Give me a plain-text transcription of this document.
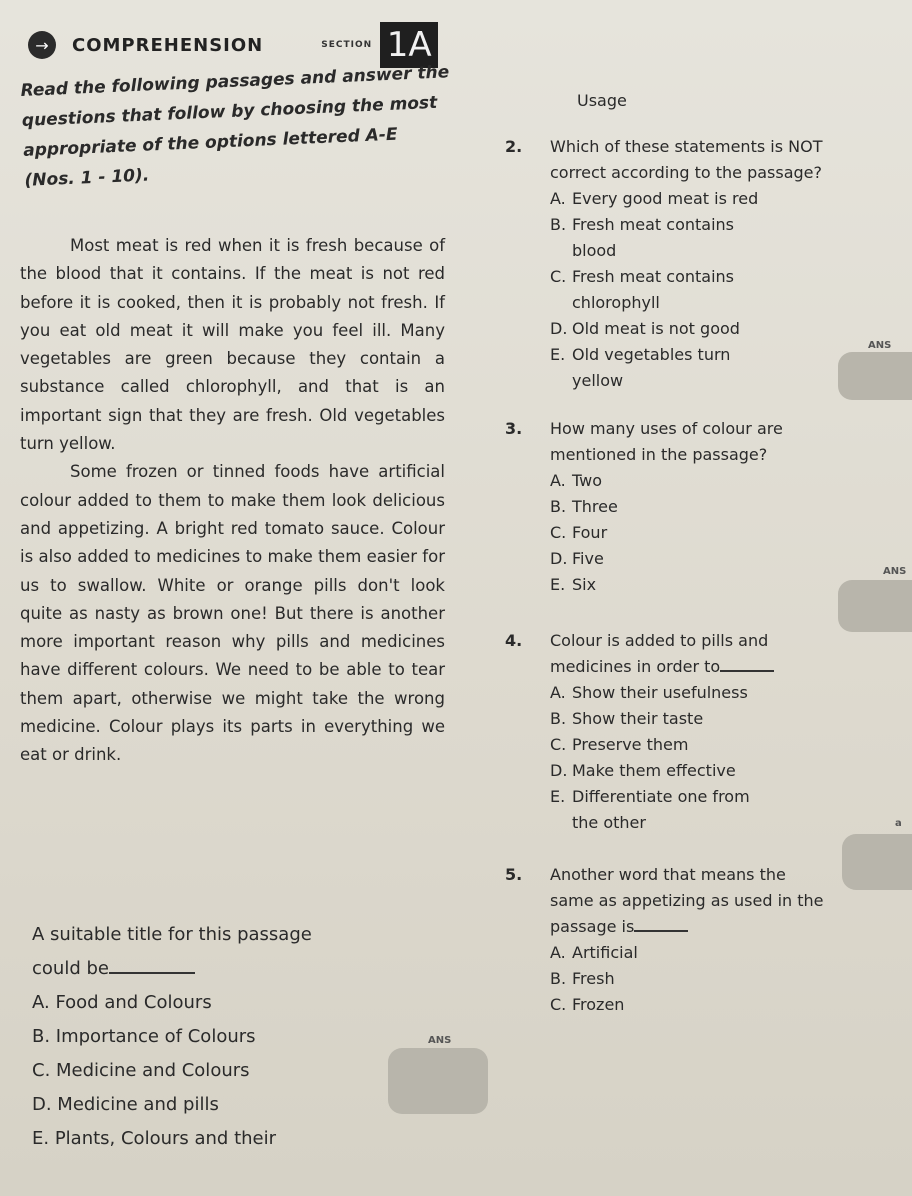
→	COMPREHENSION	SECTION 1A

Read the following passages and answer the questions that follow by choosing the most appropriate of the options lettered A-E (Nos. 1 - 10).

Most meat is red when it is fresh because of the blood that it contains. If the meat is not red before it is cooked, then it is probably not fresh. If you eat old meat it will make you feel ill. Many vegetables are green because they contain a substance called chlorophyll, and that is an important sign that they are fresh. Old vegetables turn yellow.

Some frozen or tinned foods have artificial colour added to them to make them look delicious and appetizing. A bright red tomato sauce. Colour is also added to medicines to make them easier for us to swallow. White or orange pills don't look quite as nasty as brown one! But there is another more important reason why pills and medicines have different colours. We need to be able to tear them apart, otherwise we might take the wrong medicine. Colour plays its parts in everything we eat or drink.

A suitable title for this passage
could be
A. Food and Colours
B. Importance of Colours
C. Medicine and Colours
D. Medicine and pills
E. Plants, Colours and their
ANS
Usage
2. Which of these statements is NOT correct according to the passage?
A. Every good meat is red
B. Fresh meat contains
blood
C. Fresh meat contains
chlorophyll
D. Old meat is not good
E. Old vegetables turn
yellow
3. How many uses of colour are mentioned in the passage?
A. Two
B. Three
C. Four
D. Five
E. Six
4. Colour is added to pills and medicines in order to
A. Show their usefulness
B. Show their taste
C. Preserve them
D. Make them effective
E. Differentiate one from
the other
5. Another word that means the same as appetizing as used in the passage is
A. Artificial
B. Fresh
C. Frozen
ANS
ANS
a
